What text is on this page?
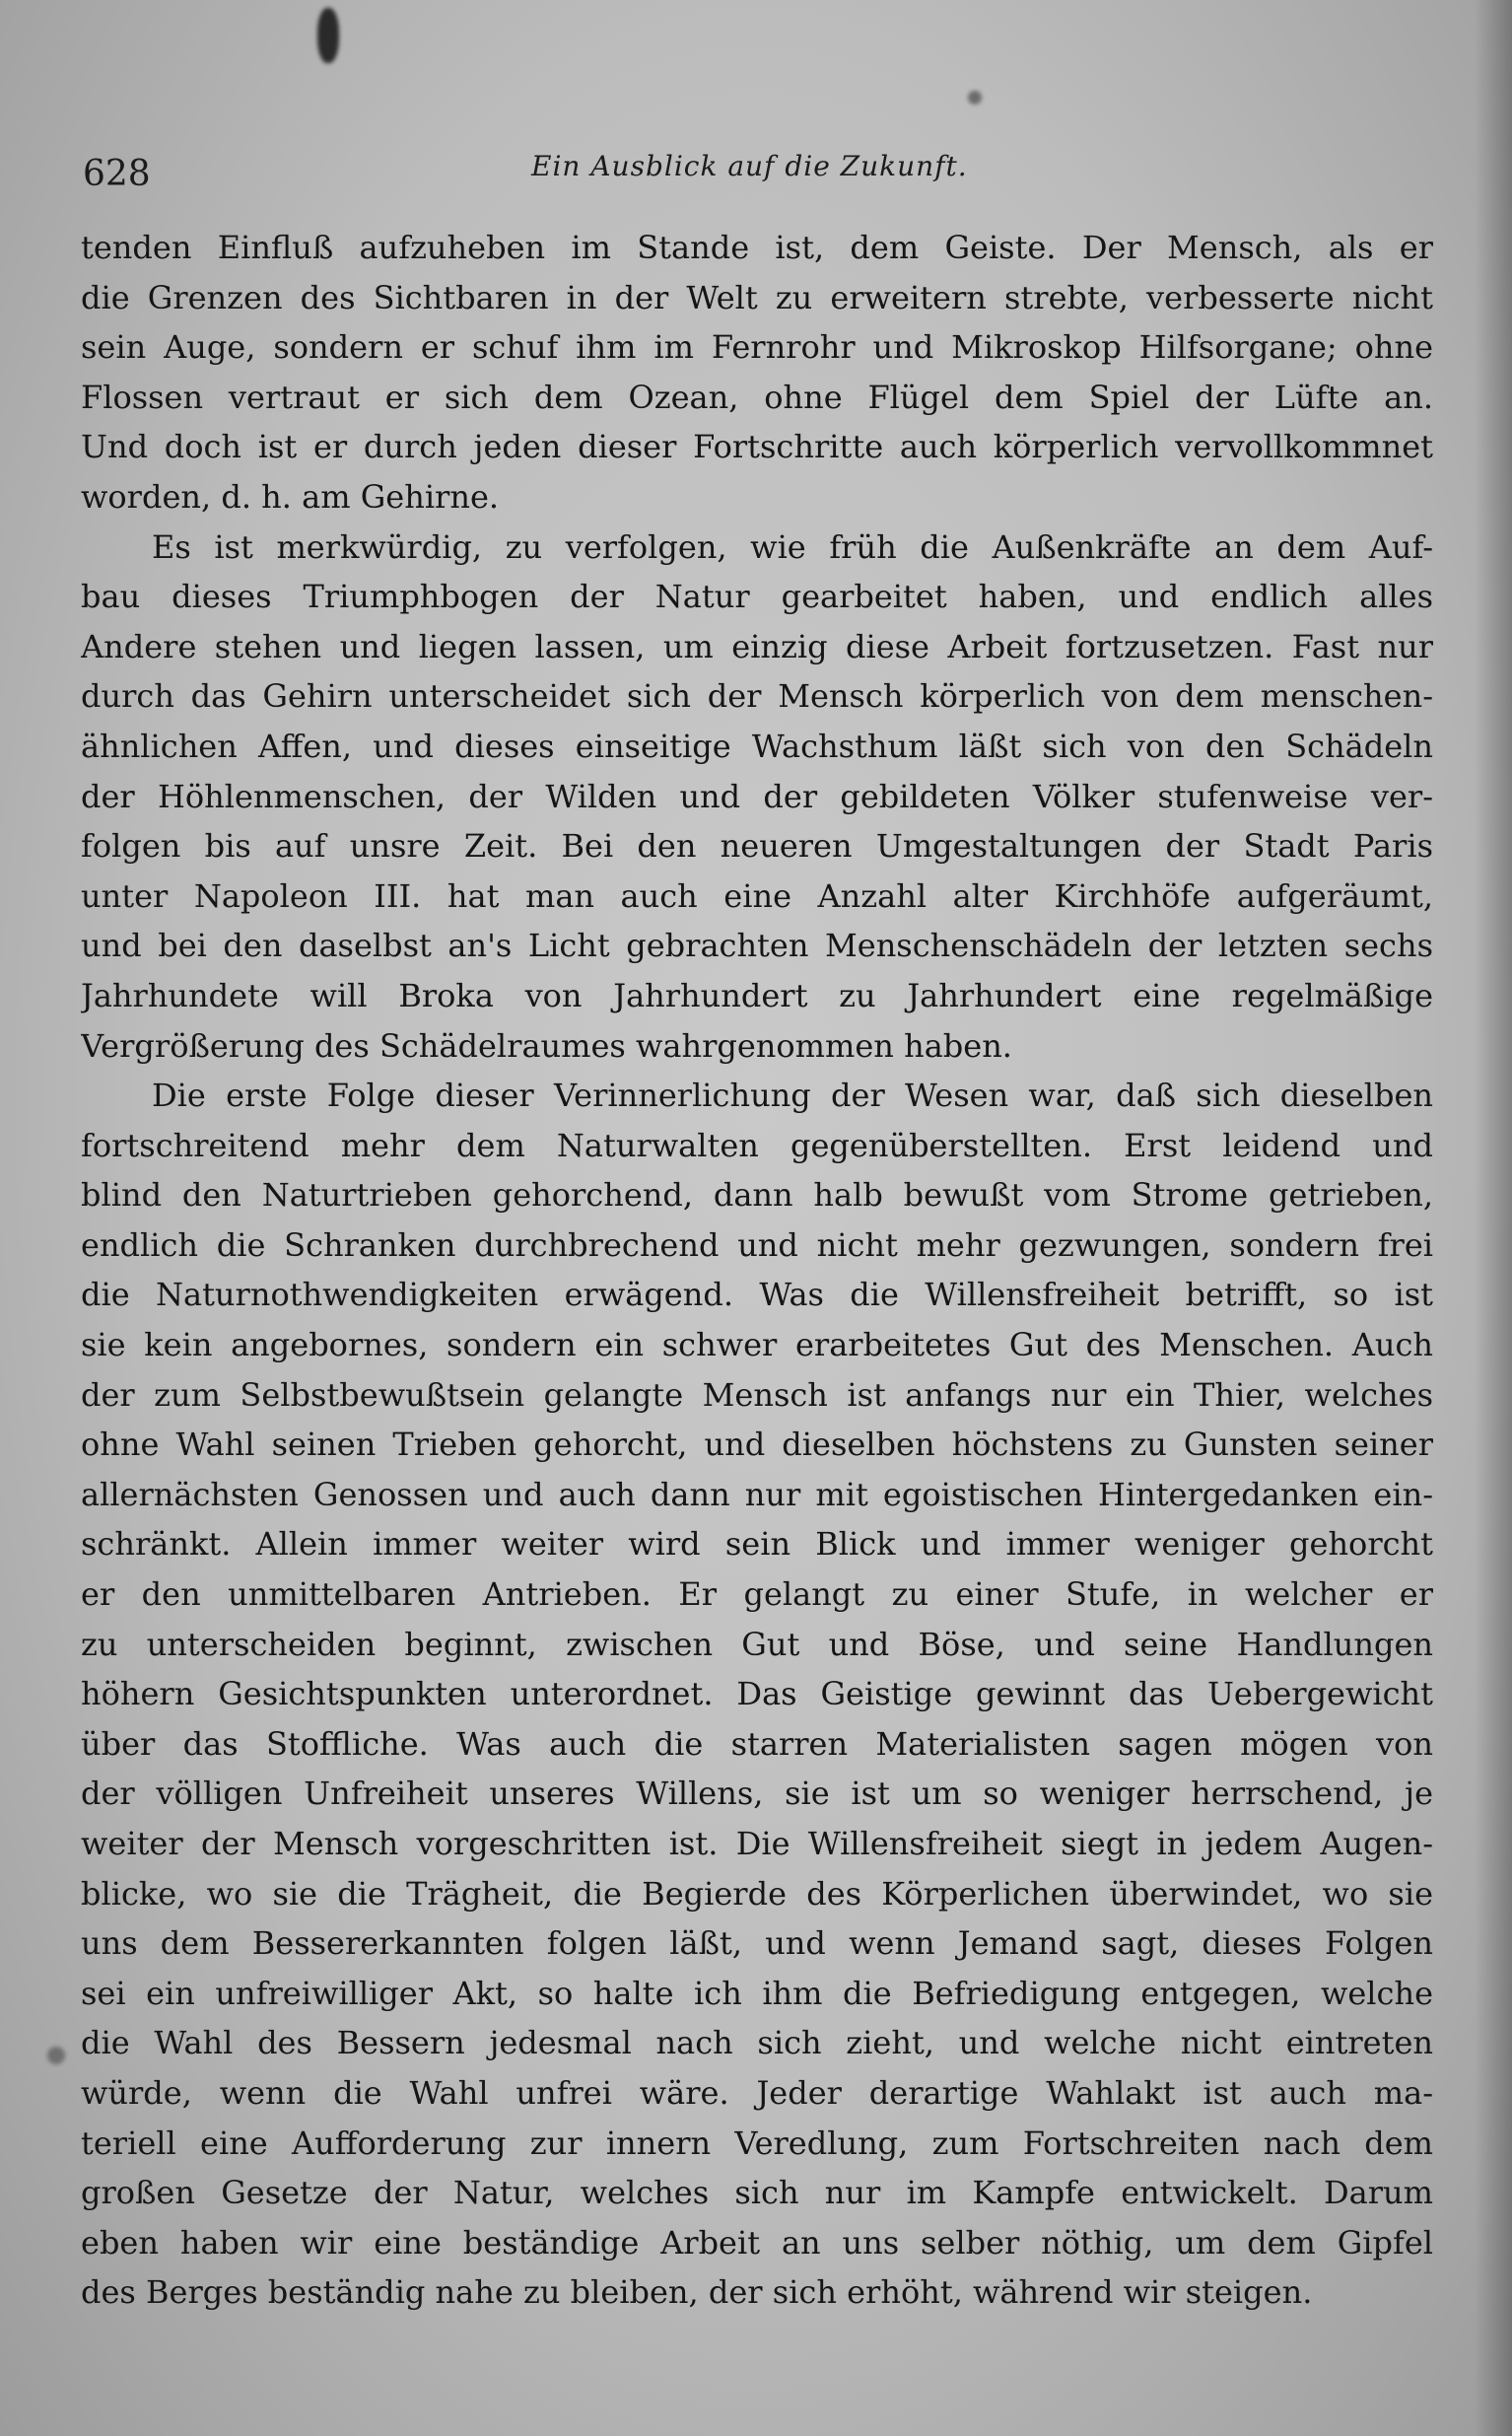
628	Ein Ausblick auf die Zukunft.
tenden Einfluß aufzuheben im Stande ist, dem Geiste. Der Mensch, als er
die Grenzen des Sichtbaren in der Welt zu erweitern strebte, verbesserte nicht
sein Auge, sondern er schuf ihm im Fernrohr und Mikroskop Hilfsorgane; ohne
Flossen vertraut er sich dem Ozean, ohne Flügel dem Spiel der Lüfte an.
Und doch ist er durch jeden dieser Fortschritte auch körperlich vervollkommnet
worden, d. h. am Gehirne.
Es ist merkwürdig, zu verfolgen, wie früh die Außenkräfte an dem Auf-
bau dieses Triumphbogen der Natur gearbeitet haben, und endlich alles
Andere stehen und liegen lassen, um einzig diese Arbeit fortzusetzen. Fast nur
durch das Gehirn unterscheidet sich der Mensch körperlich von dem menschen-
ähnlichen Affen, und dieses einseitige Wachsthum läßt sich von den Schädeln
der Höhlenmenschen, der Wilden und der gebildeten Völker stufenweise ver-
folgen bis auf unsre Zeit. Bei den neueren Umgestaltungen der Stadt Paris
unter Napoleon III. hat man auch eine Anzahl alter Kirchhöfe aufgeräumt,
und bei den daselbst an's Licht gebrachten Menschenschädeln der letzten sechs
Jahrhundete will Broka von Jahrhundert zu Jahrhundert eine regelmäßige
Vergrößerung des Schädelraumes wahrgenommen haben.
Die erste Folge dieser Verinnerlichung der Wesen war, daß sich dieselben
fortschreitend mehr dem Naturwalten gegenüberstellten. Erst leidend und
blind den Naturtrieben gehorchend, dann halb bewußt vom Strome getrieben,
endlich die Schranken durchbrechend und nicht mehr gezwungen, sondern frei
die Naturnothwendigkeiten erwägend. Was die Willensfreiheit betrifft, so ist
sie kein angebornes, sondern ein schwer erarbeitetes Gut des Menschen. Auch
der zum Selbstbewußtsein gelangte Mensch ist anfangs nur ein Thier, welches
ohne Wahl seinen Trieben gehorcht, und dieselben höchstens zu Gunsten seiner
allernächsten Genossen und auch dann nur mit egoistischen Hintergedanken ein-
schränkt. Allein immer weiter wird sein Blick und immer weniger gehorcht
er den unmittelbaren Antrieben. Er gelangt zu einer Stufe, in welcher er
zu unterscheiden beginnt, zwischen Gut und Böse, und seine Handlungen
höhern Gesichtspunkten unterordnet. Das Geistige gewinnt das Uebergewicht
über das Stoffliche. Was auch die starren Materialisten sagen mögen von
der völligen Unfreiheit unseres Willens, sie ist um so weniger herrschend, je
weiter der Mensch vorgeschritten ist. Die Willensfreiheit siegt in jedem Augen-
blicke, wo sie die Trägheit, die Begierde des Körperlichen überwindet, wo sie
uns dem Bessererkannten folgen läßt, und wenn Jemand sagt, dieses Folgen
sei ein unfreiwilliger Akt, so halte ich ihm die Befriedigung entgegen, welche
die Wahl des Bessern jedesmal nach sich zieht, und welche nicht eintreten
würde, wenn die Wahl unfrei wäre. Jeder derartige Wahlakt ist auch ma-
teriell eine Aufforderung zur innern Veredlung, zum Fortschreiten nach dem
großen Gesetze der Natur, welches sich nur im Kampfe entwickelt. Darum
eben haben wir eine beständige Arbeit an uns selber nöthig, um dem Gipfel
des Berges beständig nahe zu bleiben, der sich erhöht, während wir steigen.
